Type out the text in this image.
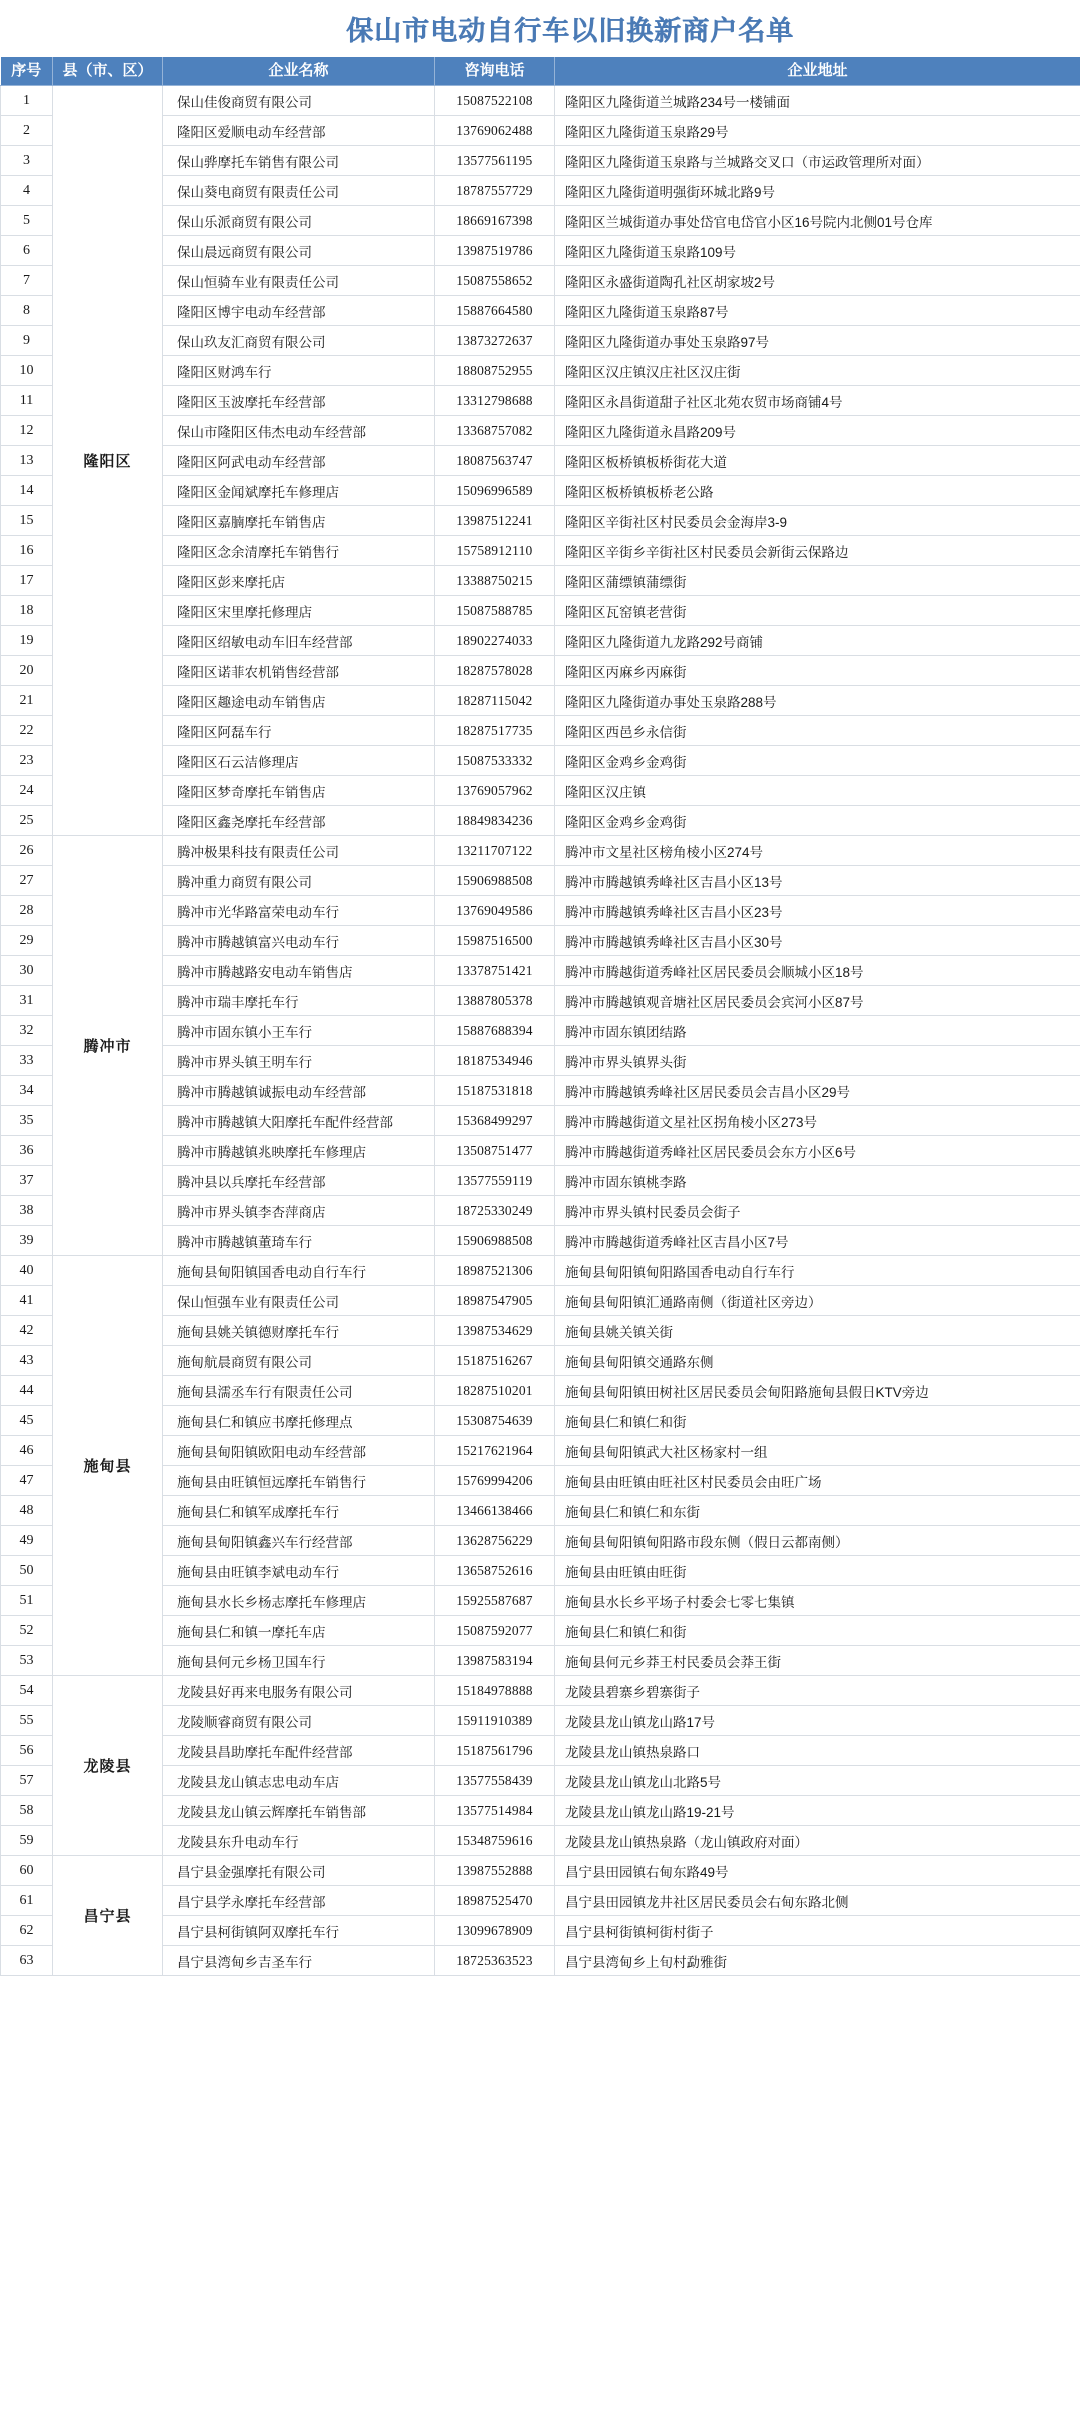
保山市电动自行车以旧换新商户名单
序号	县（市、区）	企业名称	咨询电话	企业地址
1	隆阳区	保山佳俊商贸有限公司	15087522108	隆阳区九隆街道兰城路234号一楼铺面
2		隆阳区爱顺电动车经营部	13769062488	隆阳区九隆街道玉泉路29号
3		保山骅摩托车销售有限公司	13577561195	隆阳区九隆街道玉泉路与兰城路交叉口（市运政管理所对面）
4		保山葵电商贸有限责任公司	18787557729	隆阳区九隆街道明强街环城北路9号
5		保山乐派商贸有限公司	18669167398	隆阳区兰城街道办事处岱官电岱官小区16号院内北侧01号仓库
6		保山晨远商贸有限公司	13987519786	隆阳区九隆街道玉泉路109号
7		保山恒骑车业有限责任公司	15087558652	隆阳区永盛街道陶孔社区胡家坡2号
8		隆阳区博宇电动车经营部	15887664580	隆阳区九隆街道玉泉路87号
9		保山玖友汇商贸有限公司	13873272637	隆阳区九隆街道办事处玉泉路97号
10		隆阳区财鸿车行	18808752955	隆阳区汉庄镇汉庄社区汉庄街
11		隆阳区玉波摩托车经营部	13312798688	隆阳区永昌街道甜子社区北苑农贸市场商铺4号
12		保山市隆阳区伟杰电动车经营部	13368757082	隆阳区九隆街道永昌路209号
13		隆阳区阿武电动车经营部	18087563747	隆阳区板桥镇板桥街花大道
14		隆阳区金闻斌摩托车修理店	15096996589	隆阳区板桥镇板桥老公路
15		隆阳区嘉腩摩托车销售店	13987512241	隆阳区辛街社区村民委员会金海岸3-9
16		隆阳区念余清摩托车销售行	15758912110	隆阳区辛街乡辛街社区村民委员会新街云保路边
17		隆阳区彭来摩托店	13388750215	隆阳区蒲缥镇蒲缥街
18		隆阳区宋里摩托修理店	15087588785	隆阳区瓦窑镇老营街
19		隆阳区绍敏电动车旧车经营部	18902274033	隆阳区九隆街道九龙路292号商铺
20		隆阳区诺菲农机销售经营部	18287578028	隆阳区丙麻乡丙麻街
21		隆阳区趣途电动车销售店	18287115042	隆阳区九隆街道办事处玉泉路288号
22		隆阳区阿磊车行	18287517735	隆阳区西邑乡永信街
23		隆阳区石云洁修理店	15087533332	隆阳区金鸡乡金鸡街
24		隆阳区梦奇摩托车销售店	13769057962	隆阳区汉庄镇
25		隆阳区鑫尧摩托车经营部	18849834236	隆阳区金鸡乡金鸡街
26	腾冲市	腾冲极果科技有限责任公司	13211707122	腾冲市文星社区榜角棱小区274号
27		腾冲重力商贸有限公司	15906988508	腾冲市腾越镇秀峰社区吉昌小区13号
28		腾冲市光华路富荣电动车行	13769049586	腾冲市腾越镇秀峰社区吉昌小区23号
29		腾冲市腾越镇富兴电动车行	15987516500	腾冲市腾越镇秀峰社区吉昌小区30号
30		腾冲市腾越路安电动车销售店	13378751421	腾冲市腾越街道秀峰社区居民委员会顺城小区18号
31		腾冲市瑞丰摩托车行	13887805378	腾冲市腾越镇观音塘社区居民委员会宾河小区87号
32		腾冲市固东镇小王车行	15887688394	腾冲市固东镇团结路
33		腾冲市界头镇王明车行	18187534946	腾冲市界头镇界头街
34		腾冲市腾越镇诚振电动车经营部	15187531818	腾冲市腾越镇秀峰社区居民委员会吉昌小区29号
35		腾冲市腾越镇大阳摩托车配件经营部	15368499297	腾冲市腾越街道文星社区拐角棱小区273号
36		腾冲市腾越镇兆映摩托车修理店	13508751477	腾冲市腾越街道秀峰社区居民委员会东方小区6号
37		腾冲县以兵摩托车经营部	13577559119	腾冲市固东镇桃李路
38		腾冲市界头镇李杏萍商店	18725330249	腾冲市界头镇村民委员会街子
39		腾冲市腾越镇董琦车行	15906988508	腾冲市腾越街道秀峰社区吉昌小区7号
40	施甸县	施甸县甸阳镇国香电动自行车行	18987521306	施甸县甸阳镇甸阳路国香电动自行车行
41		保山恒强车业有限责任公司	18987547905	施甸县甸阳镇汇通路南侧（街道社区旁边）
42		施甸县姚关镇德财摩托车行	13987534629	施甸县姚关镇关街
43		施甸航晨商贸有限公司	15187516267	施甸县甸阳镇交通路东侧
44		施甸县濡丞车行有限责任公司	18287510201	施甸县甸阳镇田树社区居民委员会甸阳路施甸县假日KTV旁边
45		施甸县仁和镇应书摩托修理点	15308754639	施甸县仁和镇仁和街
46		施甸县甸阳镇欧阳电动车经营部	15217621964	施甸县甸阳镇武大社区杨家村一组
47		施甸县由旺镇恒远摩托车销售行	15769994206	施甸县由旺镇由旺社区村民委员会由旺广场
48		施甸县仁和镇军成摩托车行	13466138466	施甸县仁和镇仁和东街
49		施甸县甸阳镇鑫兴车行经营部	13628756229	施甸县甸阳镇甸阳路市段东侧（假日云都南侧）
50		施甸县由旺镇李斌电动车行	13658752616	施甸县由旺镇由旺街
51		施甸县水长乡杨志摩托车修理店	15925587687	施甸县水长乡平场子村委会七零七集镇
52		施甸县仁和镇一摩托车店	15087592077	施甸县仁和镇仁和街
53		施甸县何元乡杨卫国车行	13987583194	施甸县何元乡莽王村民委员会莽王街
54	龙陵县	龙陵县好再来电服务有限公司	15184978888	龙陵县碧寨乡碧寨街子
55		龙陵顺睿商贸有限公司	15911910389	龙陵县龙山镇龙山路17号
56		龙陵县昌助摩托车配件经营部	15187561796	龙陵县龙山镇热泉路口
57		龙陵县龙山镇志忠电动车店	13577558439	龙陵县龙山镇龙山北路5号
58		龙陵县龙山镇云辉摩托车销售部	13577514984	龙陵县龙山镇龙山路19-21号
59		龙陵县东升电动车行	15348759616	龙陵县龙山镇热泉路（龙山镇政府对面）
60	昌宁县	昌宁县金强摩托有限公司	13987552888	昌宁县田园镇右甸东路49号
61		昌宁县学永摩托车经营部	18987525470	昌宁县田园镇龙井社区居民委员会右甸东路北侧
62		昌宁县柯街镇阿双摩托车行	13099678909	昌宁县柯街镇柯街村街子
63		昌宁县湾甸乡吉圣车行	18725363523	昌宁县湾甸乡上旬村勐雅街
